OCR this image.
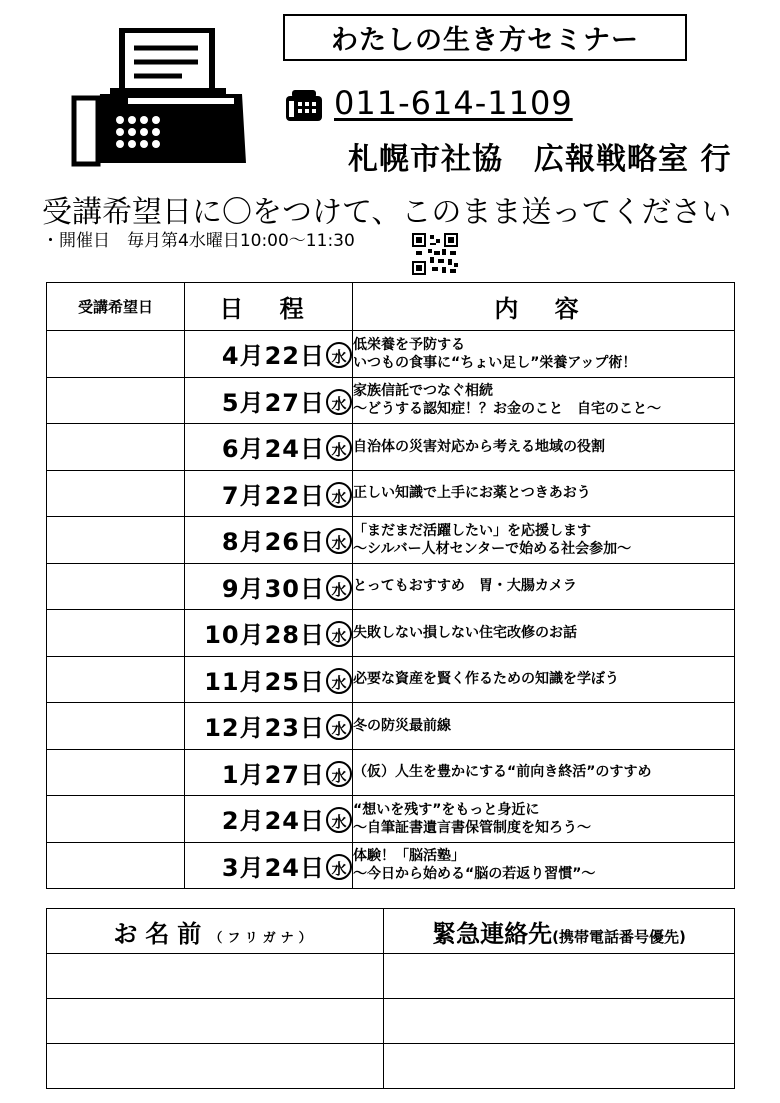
わたしの生き方セミナー
011-614-1109
札幌市社協　広報戦略室 行
受講希望日に〇をつけて、このまま送ってください
・開催日　毎月第4水曜日10:00～11:30
受講希望日	日 程	内 容
	4月22日 水	低栄養を予防する
いつもの食事に“ちょい足し”栄養アップ術！

	5月27日 水	家族信託でつなぐ相続
～どうする認知症！？お金のこと　自宅のこと～

	6月24日 水	自治体の災害対応から考える地域の役割

	7月22日 水	正しい知識で上手にお薬とつきあおう

	8月26日 水	「まだまだ活躍したい」を応援します
～シルバー人材センターで始める社会参加～

	9月30日 水	とってもおすすめ　胃・大腸カメラ

	10月28日 水	失敗しない損しない住宅改修のお話

	11月25日 水	必要な資産を賢く作るための知識を学ぼう

	12月23日 水	冬の防災最前線

	1月27日 水	（仮）人生を豊かにする“前向き終活”のすすめ

	2月24日 水	“想いを残す”をもっと身近に
～自筆証書遺言書保管制度を知ろう～

	3月24日 水	体験！「脳活塾」
～今日から始める“脳の若返り習慣”～
お名前（フリガナ）	緊急連絡先(携帯電話番号優先)
